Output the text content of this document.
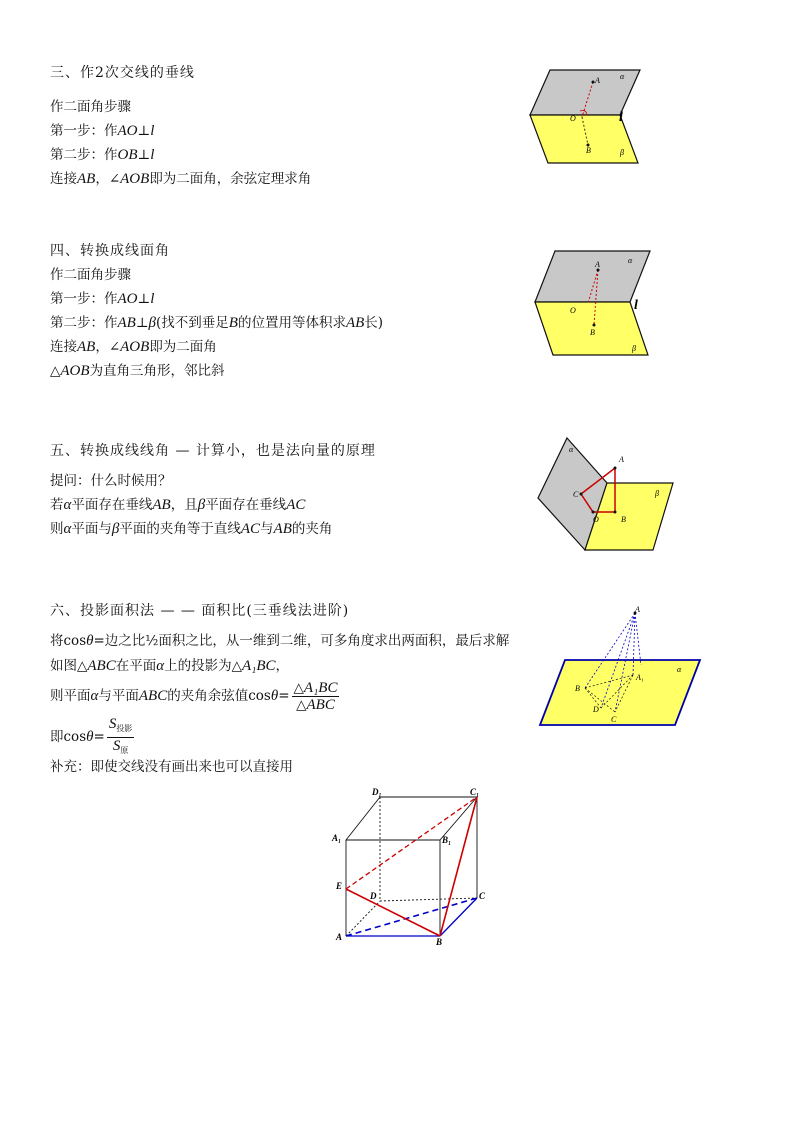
三、作2次交线的垂线
作二面角步骤
第一步：作AO⊥l
第二步：作OB⊥l
连接AB，∠AOB即为二面角，余弦定理求角
A
O
B
α
β
l
四、转换成线面角
作二面角步骤
第一步：作AO⊥l
第二步：作AB⊥β(找不到垂足B的位置用等体积求AB长)
连接AB，∠AOB即为二面角
△AOB为直角三角形，邻比斜
A
O
B
α
β
l
五、转换成线线角 — 计算小，也是法向量的原理
提问：什么时候用？
若α平面存在垂线AB，且β平面存在垂线AC
则α平面与β平面的夹角等于直线AC与AB的夹角
A
C
O	B
α
β
六、投影面积法 — — 面积比(三垂线法进阶)
将cosθ=边之比½面积之比，从一维到二维，可多角度求出两面积，最后求解
如图△ABC在平面α上的投影为△A₁BC，
则平面α与平面ABC的夹角余弦值$\cos\theta= \frac{\text{△A₁BC}}{\text{△ABC}}$
即$\cos\theta= \frac{S_{投影}}{S_原}$
补充：即使交线没有画出来也可以直接用
A
B
C
D
A₁
α
D₁	C₁
A₁	B₁
E
D	C
A	B
